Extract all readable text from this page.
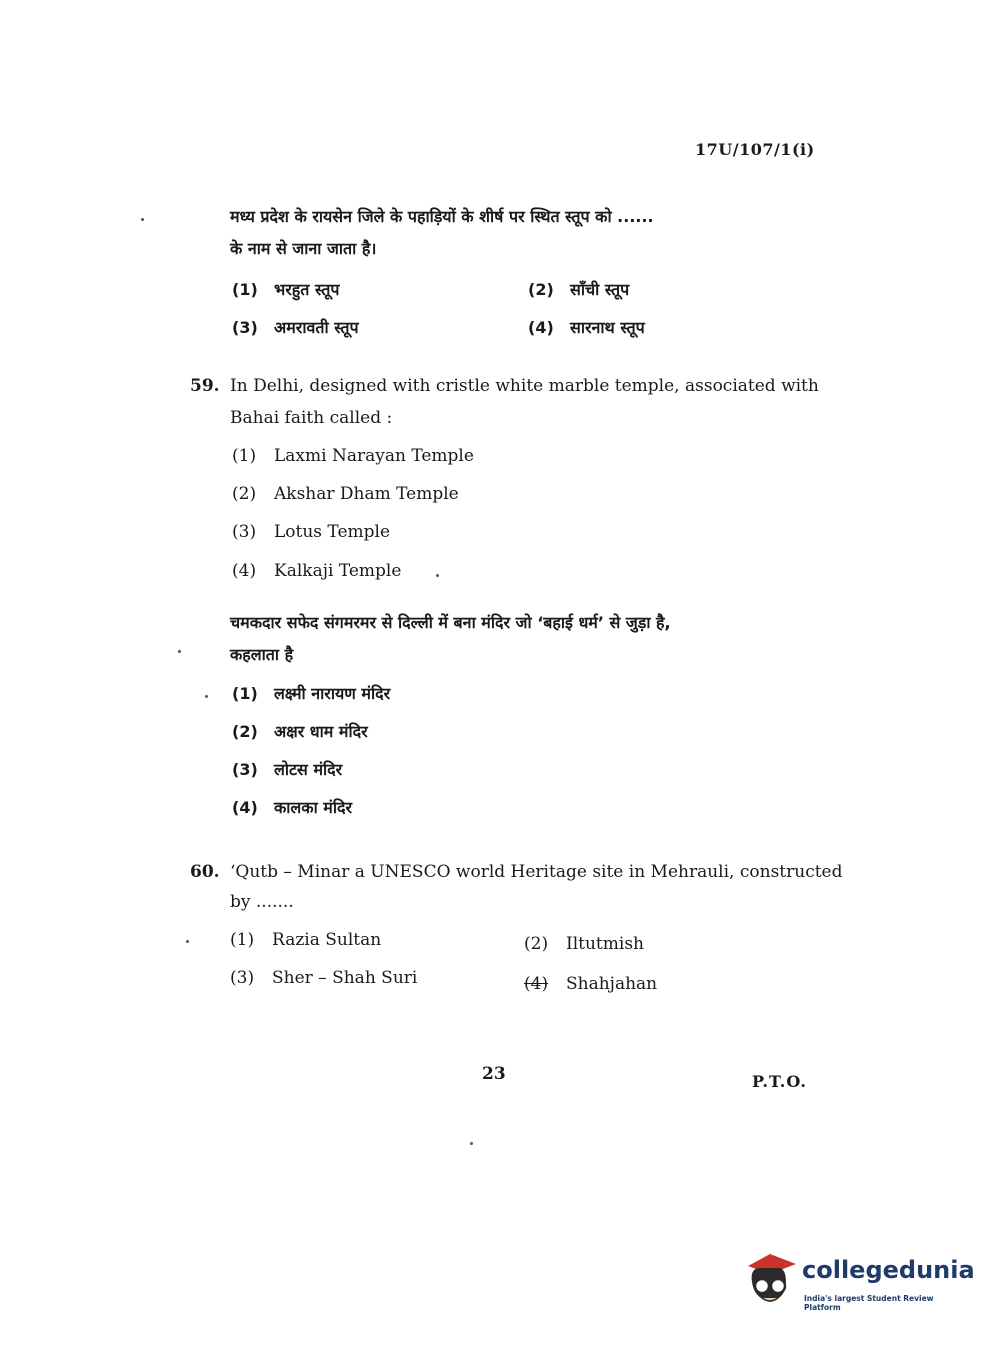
17U/107/1(i)
मध्य प्रदेश के रायसेन जिले के पहाड़ियों के शीर्ष पर स्थित स्तूप को ......
के नाम से जाना जाता है।
(1) भरहुत स्तूप	(2) साँची स्तूप
(3) अमरावती स्तूप	(4) सारनाथ स्तूप
59. In Delhi, designed with cristle white marble temple, associated with
Bahai faith called :
(1) Laxmi Narayan Temple
(2) Akshar Dham Temple
(3) Lotus Temple
(4) Kalkaji Temple
चमकदार सफेद संगमरमर से दिल्ली में बना मंदिर जो ‘बहाई धर्म’ से जुड़ा है,
कहलाता है
(1) लक्ष्मी नारायण मंदिर
(2) अक्षर धाम मंदिर
(3) लोटस मंदिर
(4) कालका मंदिर
60. ‘Qutb – Minar a UNESCO world Heritage site in Mehrauli, constructed
by .......
(1) Razia Sultan	(2) Iltutmish
(3) Sher – Shah Suri	(4) Shahjahan
23	P.T.O.
collegedunia
India's largest Student Review Platform
